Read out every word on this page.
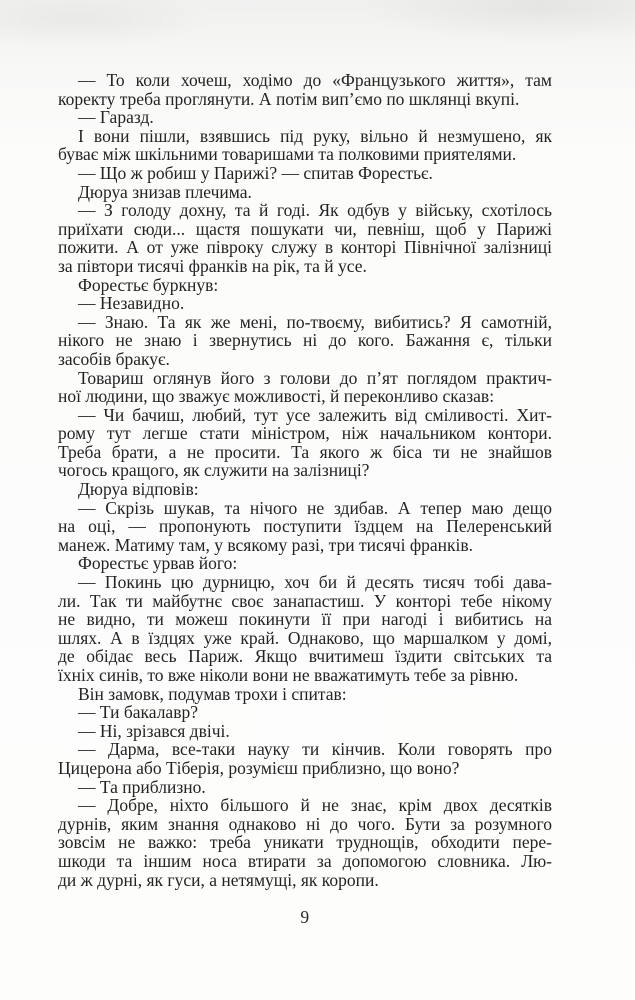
— То коли хочеш, ходімо до «Французького життя», там
коректу треба проглянути. А потім вип’ємо по шклянці вкупі.

— Гаразд.

І вони пішли, взявшись під руку, вільно й незмушено, як
буває між шкільними товаришами та полковими приятелями.

— Що ж робиш у Парижі? — спитав Форестьє.

Дюруа знизав плечима.

— З голоду дохну, та й годі. Як одбув у війську, схотілось
приїхати сюди... щастя пошукати чи, певніш, щоб у Парижі
пожити. А от уже півроку служу в конторі Північної залізниці
за півтори тисячі франків на рік, та й усе.

Форестьє буркнув:

— Незавидно.

— Знаю. Та як же мені, по-твоєму, вибитись? Я самотній,
нікого не знаю і звернутись ні до кого. Бажання є, тільки
засобів бракує.

Товариш оглянув його з голови до п’ят поглядом практич-
ної людини, що зважує можливості, й переконливо сказав:

— Чи бачиш, любий, тут усе залежить від сміливості. Хит-
рому тут легше стати міністром, ніж начальником контори.
Треба брати, а не просити. Та якого ж біса ти не знайшов
чогось кращого, як служити на залізниці?

Дюруа відповів:

— Скрізь шукав, та нічого не здибав. А тепер маю дещо
на оці, — пропонують поступити їздцем на Пелеренський
манеж. Матиму там, у всякому разі, три тисячі франків.

Форестьє урвав його:

— Покинь цю дурницю, хоч би й десять тисяч тобі дава-
ли. Так ти майбутнє своє занапастиш. У конторі тебе нікому
не видно, ти можеш покинути її при нагоді і вибитись на
шлях. А в їздцях уже край. Однаково, що маршалком у домі,
де обідає весь Париж. Якщо вчитимеш їздити світських та
їхніх синів, то вже ніколи вони не вважатимуть тебе за рівню.

Він замовк, подумав трохи і спитав:

— Ти бакалавр?

— Ні, зрізався двічі.

— Дарма, все-таки науку ти кінчив. Коли говорять про
Цицерона або Тіберія, розумієш приблизно, що воно?

— Та приблизно.

— Добре, ніхто більшого й не знає, крім двох десятків
дурнів, яким знання однаково ні до чого. Бути за розумного
зовсім не важко: треба уникати труднощів, обходити пере-
шкоди та іншим носа втирати за допомогою словника. Лю-
ди ж дурні, як гуси, а нетямущі, як коропи.

9
